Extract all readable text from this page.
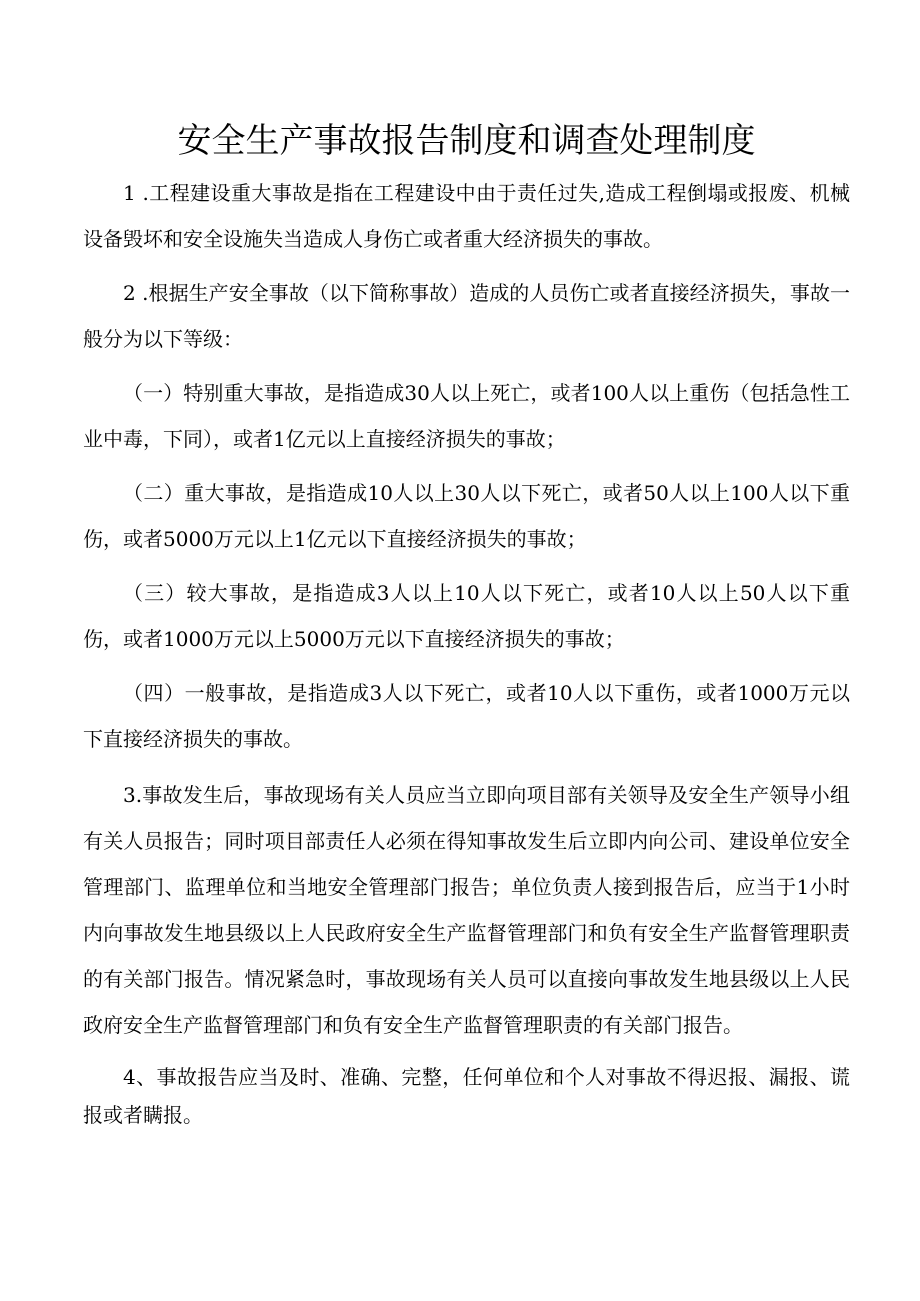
安全生产事故报告制度和调查处理制度

1 .工程建设重大事故是指在工程建设中由于责任过失,造成工程倒塌或报废、机械设备毁坏和安全设施失当造成人身伤亡或者重大经济损失的事故。

2 .根据生产安全事故（以下简称事故）造成的人员伤亡或者直接经济损失，事故一般分为以下等级：

（一）特别重大事故，是指造成30人以上死亡，或者100人以上重伤（包括急性工业中毒，下同），或者1亿元以上直接经济损失的事故；

（二）重大事故，是指造成10人以上30人以下死亡，或者50人以上100人以下重伤，或者5000万元以上1亿元以下直接经济损失的事故；

（三）较大事故，是指造成3人以上10人以下死亡，或者10人以上50人以下重伤，或者1000万元以上5000万元以下直接经济损失的事故；

（四）一般事故，是指造成3人以下死亡，或者10人以下重伤，或者1000万元以下直接经济损失的事故。

3.事故发生后，事故现场有关人员应当立即向项目部有关领导及安全生产领导小组有关人员报告；同时项目部责任人必须在得知事故发生后立即内向公司、建设单位安全管理部门、监理单位和当地安全管理部门报告；单位负责人接到报告后，应当于1小时内向事故发生地县级以上人民政府安全生产监督管理部门和负有安全生产监督管理职责的有关部门报告。情况紧急时，事故现场有关人员可以直接向事故发生地县级以上人民政府安全生产监督管理部门和负有安全生产监督管理职责的有关部门报告。

4、事故报告应当及时、准确、完整，任何单位和个人对事故不得迟报、漏报、谎报或者瞒报。
